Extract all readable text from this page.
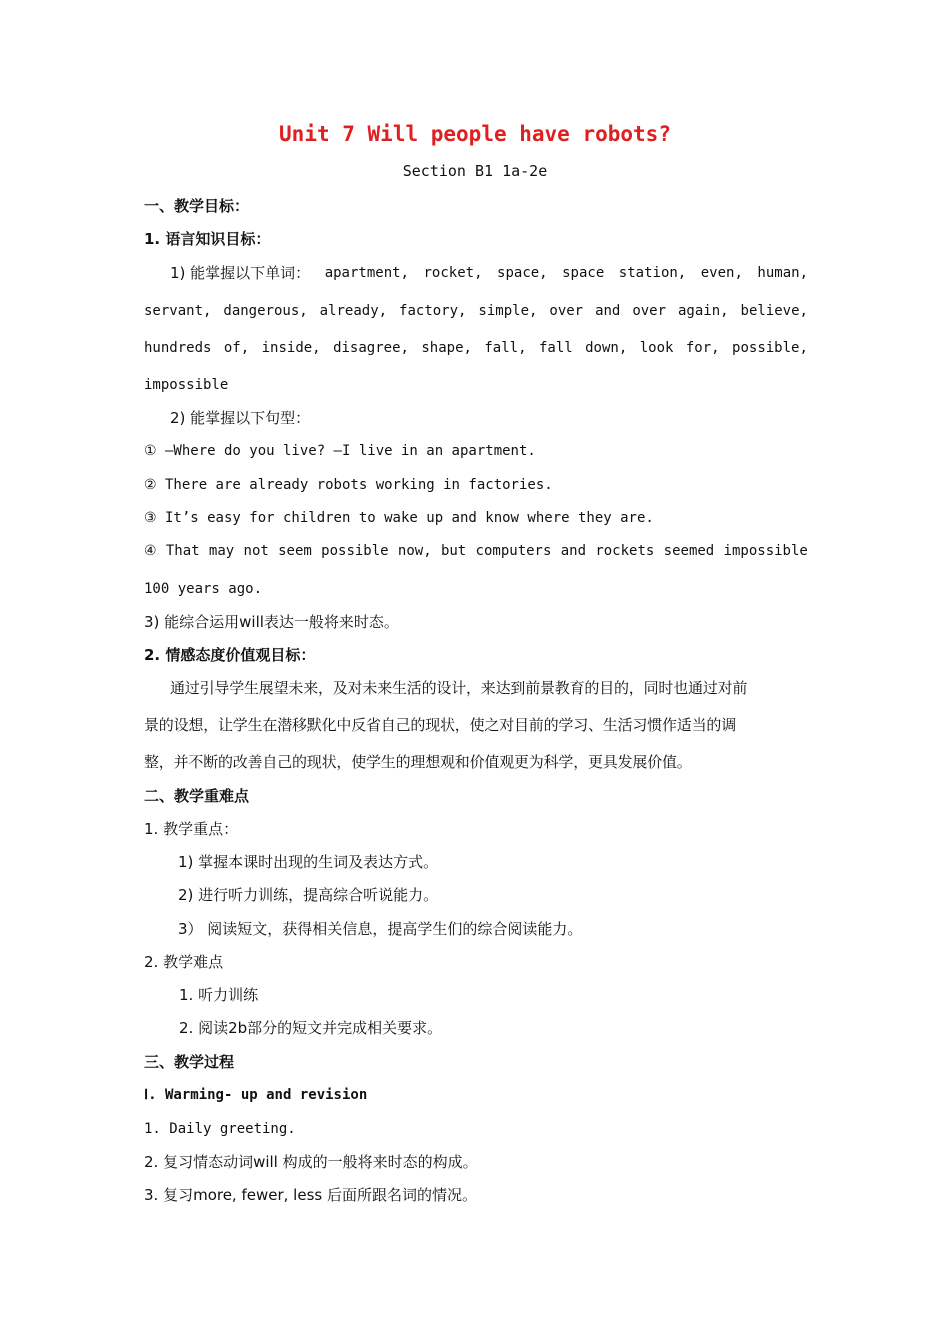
Unit 7 Will people have robots?
Section B1 1a-2e
一、教学目标：
1. 语言知识目标：
1) 能掌握以下单词： apartment, rocket, space, space station, even, human,
servant, dangerous, already, factory, simple, over and over again, believe,
hundreds of, inside, disagree, shape, fall, fall down, look for, possible,
impossible
2) 能掌握以下句型：
① —Where do you live? —I live in an apartment.
② There are already robots working in factories.
③ It’s easy for children to wake up and know where they are.
④ That may not seem possible now, but computers and rockets seemed impossible
100 years ago.
3) 能综合运用will表达一般将来时态。
2. 情感态度价值观目标：
通过引导学生展望未来，及对未来生活的设计，来达到前景教育的目的，同时也通过对前
景的设想，让学生在潜移默化中反省自己的现状，使之对目前的学习、生活习惯作适当的调
整，并不断的改善自己的现状，使学生的理想观和价值观更为科学，更具发展价值。
二、教学重难点
1. 教学重点：
1) 掌握本课时出现的生词及表达方式。
2) 进行听力训练，提高综合听说能力。
3） 阅读短文，获得相关信息，提高学生们的综合阅读能力。
2. 教学难点
1. 听力训练
2. 阅读2b部分的短文并完成相关要求。
三、教学过程
Ⅰ. Warming- up and revision
1. Daily greeting.
2. 复习情态动词will 构成的一般将来时态的构成。
3. 复习more, fewer, less 后面所跟名词的情况。
